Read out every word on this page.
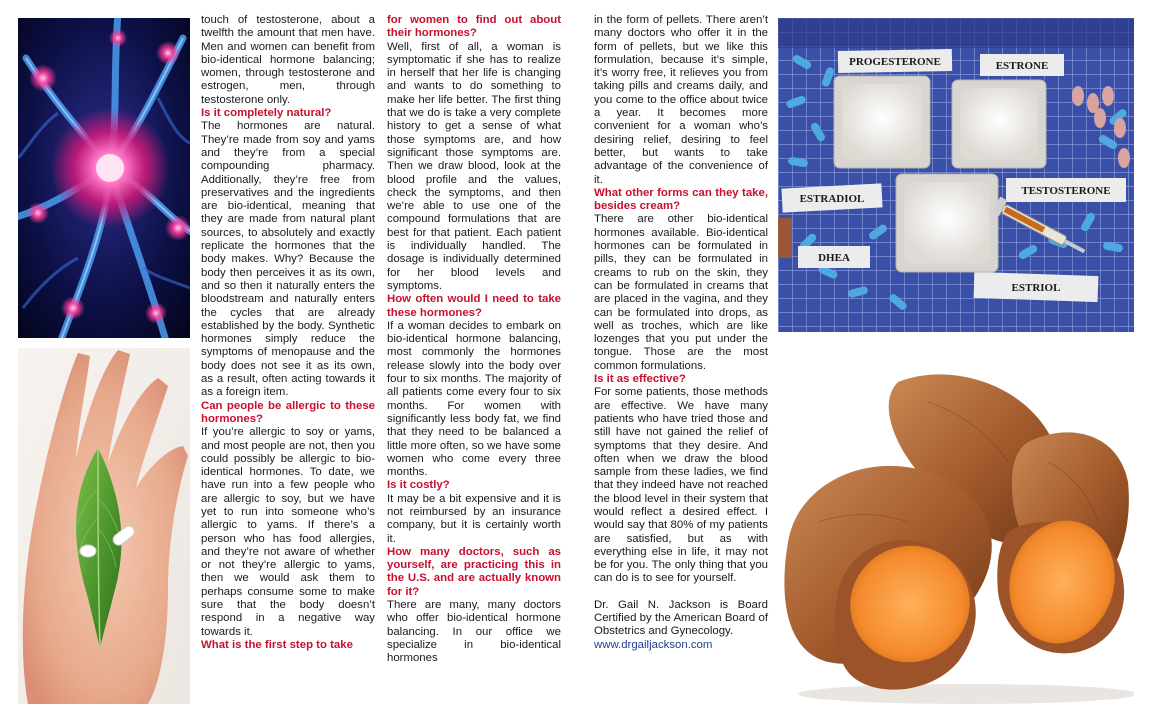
PROGESTERONE	ESTRONE
ESTRADIOL
TESTOSTERONE
DHEA
ESTRIOL

touch of testosterone, about a twelfth the amount that men have. Men and women can benefit from bio-identical hormone balancing; women, through testosterone and estrogen, men, through testosterone only.

Is it completely natural?

The hormones are natural. They’re made from soy and yams and they’re from a special compounding pharmacy. Additionally, they’re free from preservatives and the ingredients are bio-identical, meaning that they are made from natural plant sources, to absolutely and exactly replicate the hormones that the body makes. Why? Because the body then perceives it as its own, and so then it naturally enters the bloodstream and naturally enters the cycles that are already established by the body. Synthetic hormones simply reduce the symptoms of menopause and the body does not see it as its own, as a result, often acting towards it as a foreign item.

Can people be allergic to these hormones?

If you’re allergic to soy or yams, and most people are not, then you could possibly be allergic to bio-identical hormones. To date, we have run into a few people who are allergic to soy, but we have yet to run into someone who’s allergic to yams. If there’s a person who has food allergies, and they’re not aware of whether or not they’re allergic to yams, then we would ask them to perhaps consume some to make sure that the body doesn’t respond in a negative way towards it.

What is the first step to take

for women to find out about their hormones?

Well, first of all, a woman is symptomatic if she has to realize in herself that her life is changing and wants to do something to make her life better. The first thing that we do is take a very complete history to get a sense of what those symptoms are, and how significant those symptoms are. Then we draw blood, look at the blood profile and the values, check the symptoms, and then we’re able to use one of the compound formulations that are best for that patient. Each patient is individually handled. The dosage is individually determined for her blood levels and symptoms.

How often would I need to take these hormones?

If a woman decides to embark on bio-identical hormone balancing, most commonly the hormones release slowly into the body over four to six months. The majority of all patients come every four to six months. For women with significantly less body fat, we find that they need to be balanced a little more often, so we have some women who come every three months.

Is it costly?

It may be a bit expensive and it is not reimbursed by an insurance company, but it is certainly worth it.

How many doctors, such as yourself, are practicing this in the U.S. and are actually known for it?

There are many, many doctors who offer bio-identical hormone balancing. In our office we specialize in bio-identical hormones

in the form of pellets. There aren’t many doctors who offer it in the form of pellets, but we like this formulation, because it’s simple, it’s worry free, it relieves you from taking pills and creams daily, and you come to the office about twice a year. It becomes more convenient for a woman who’s desiring relief, desiring to feel better, but wants to take advantage of the convenience of it.

What other forms can they take, besides cream?

There are other bio-identical hormones available. Bio-identical hormones can be formulated in pills, they can be formulated in creams to rub on the skin, they can be formulated in creams that are placed in the vagina, and they can be formulated into drops, as well as troches, which are like lozenges that you put under the tongue. Those are the most common formulations.

Is it as effective?

For some patients, those methods are effective. We have many patients who have tried those and still have not gained the relief of symptoms that they desire. And often when we draw the blood sample from these ladies, we find that they indeed have not reached the blood level in their system that would reflect a desired effect. I would say that 80% of my patients are satisfied, but as with everything else in life, it may not be for you. The only thing that you can do is to see for yourself.

Dr. Gail N. Jackson is Board Certified by the American Board of Obstetrics and Gynecology.

www.drgailjackson.com
